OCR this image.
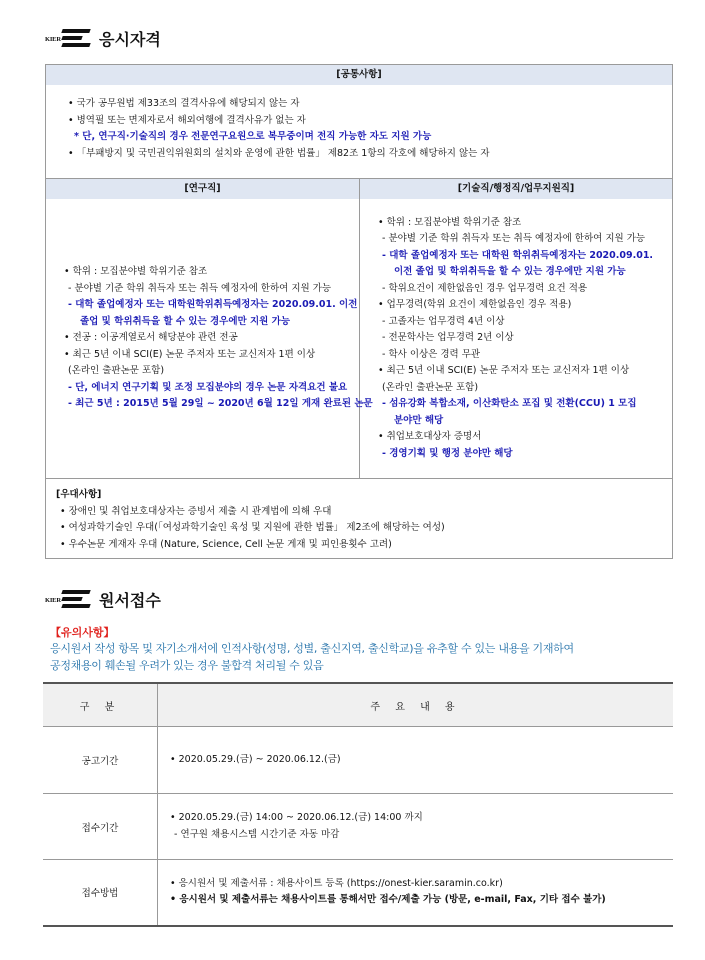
KIER 응시자격
[공통사항]
• 국가 공무원법 제33조의 결격사유에 해당되지 않는 자
• 병역필 또는 면제자로서 해외여행에 결격사유가 없는 자
* 단, 연구직·기술직의 경우 전문연구요원으로 복무중이며 전직 가능한 자도 지원 가능
• 「부패방지 및 국민권익위원회의 설치와 운영에 관한 법률」 제82조 1항의 각호에 해당하지 않는 자
[연구직]
• 학위 : 모집분야별 학위기준 참조
- 분야별 기준 학위 취득자 또는 취득 예정자에 한하여 지원 가능
- 대학 졸업예정자 또는 대학원학위취득예정자는 2020.09.01. 이전
졸업 및 학위취득을 할 수 있는 경우에만 지원 가능
• 전공 : 이공계열로서 해당분야 관련 전공
• 최근 5년 이내 SCI(E) 논문 주저자 또는 교신저자 1편 이상
(온라인 출판논문 포함)
- 단, 에너지 연구기획 및 조정 모집분야의 경우 논문 자격요건 불요
- 최근 5년 : 2015년 5월 29일 ~ 2020년 6월 12일 게재 완료된 논문
[기술직/행정직/업무지원직]
• 학위 : 모집분야별 학위기준 참조
- 분야별 기준 학위 취득자 또는 취득 예정자에 한하여 지원 가능
- 대학 졸업예정자 또는 대학원 학위취득예정자는 2020.09.01.
이전 졸업 및 학위취득을 할 수 있는 경우에만 지원 가능
- 학위요건이 제한없음인 경우 업무경력 요건 적용
• 업무경력(학위 요건이 제한없음인 경우 적용)
- 고졸자는 업무경력 4년 이상
- 전문학사는 업무경력 2년 이상
- 학사 이상은 경력 무관
• 최근 5년 이내 SCI(E) 논문 주저자 또는 교신저자 1편 이상
(온라인 출판논문 포함)
- 섬유강화 복합소재, 이산화탄소 포집 및 전환(CCU) 1 모집
분야만 해당
• 취업보호대상자 증명서
- 경영기획 및 행정 분야만 해당
[우대사항]
• 장애인 및 취업보호대상자는 증빙서 제출 시 관계법에 의해 우대
• 여성과학기술인 우대(「여성과학기술인 육성 및 지원에 관한 법률」 제2조에 해당하는 여성)
• 우수논문 게재자 우대 (Nature, Science, Cell 논문 게재 및 피인용횟수 고려)
KIER 원서접수
【유의사항】
응시원서 작성 항목 및 자기소개서에 인적사항(성명, 성별, 출신지역, 출신학교)을 유추할 수 있는 내용을 기재하여
공정채용이 훼손될 우려가 있는 경우 불합격 처리될 수 있음
구 분	주 요 내 용
공고기간	• 2020.05.29.(금) ~ 2020.06.12.(금)

접수기간	• 2020.05.29.(금) 14:00 ~ 2020.06.12.(금) 14:00 까지
- 연구원 채용시스템 시간기준 자동 마감

접수방법	• 응시원서 및 제출서류 : 채용사이트 등록 (https://onest-kier.saramin.co.kr)
• 응시원서 및 제출서류는 채용사이트를 통해서만 접수/제출 가능 (방문, e-mail, Fax, 기타 접수 불가)
